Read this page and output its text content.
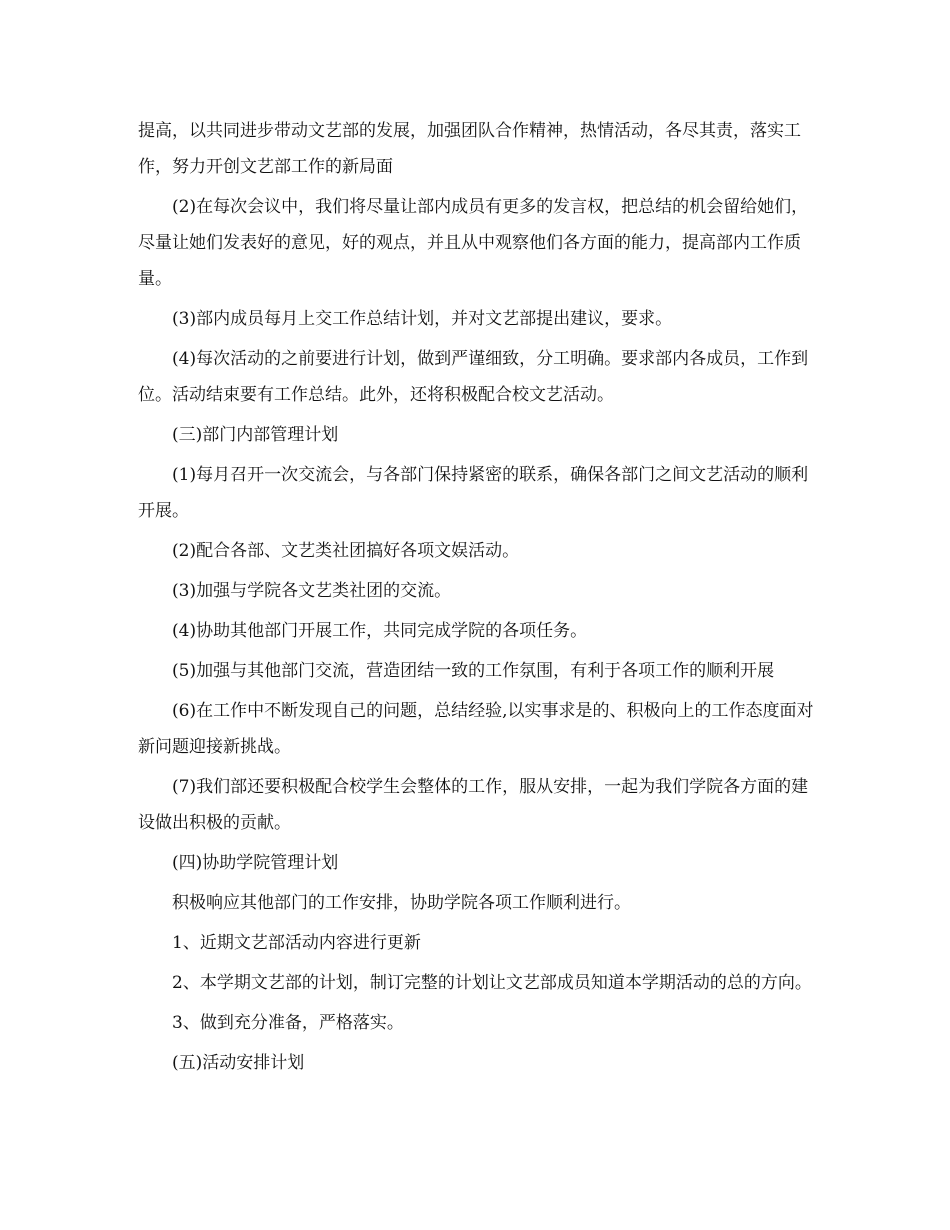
提高，以共同进步带动文艺部的发展，加强团队合作精神，热情活动，各尽其责，落实工作，努力开创文艺部工作的新局面

(2)在每次会议中，我们将尽量让部内成员有更多的发言权，把总结的机会留给她们，尽量让她们发表好的意见，好的观点，并且从中观察他们各方面的能力，提高部内工作质量。

(3)部内成员每月上交工作总结计划，并对文艺部提出建议，要求。

(4)每次活动的之前要进行计划，做到严谨细致，分工明确。要求部内各成员，工作到位。活动结束要有工作总结。此外，还将积极配合校文艺活动。

(三)部门内部管理计划

(1)每月召开一次交流会，与各部门保持紧密的联系，确保各部门之间文艺活动的顺利开展。

(2)配合各部、文艺类社团搞好各项文娱活动。

(3)加强与学院各文艺类社团的交流。

(4)协助其他部门开展工作，共同完成学院的各项任务。

(5)加强与其他部门交流，营造团结一致的工作氛围，有利于各项工作的顺利开展

(6)在工作中不断发现自己的问题，总结经验,以实事求是的、积极向上的工作态度面对新问题迎接新挑战。

(7)我们部还要积极配合校学生会整体的工作，服从安排，一起为我们学院各方面的建设做出积极的贡献。

(四)协助学院管理计划

积极响应其他部门的工作安排，协助学院各项工作顺利进行。

1、近期文艺部活动内容进行更新

2、本学期文艺部的计划，制订完整的计划让文艺部成员知道本学期活动的总的方向。

3、做到充分准备，严格落实。

(五)活动安排计划
